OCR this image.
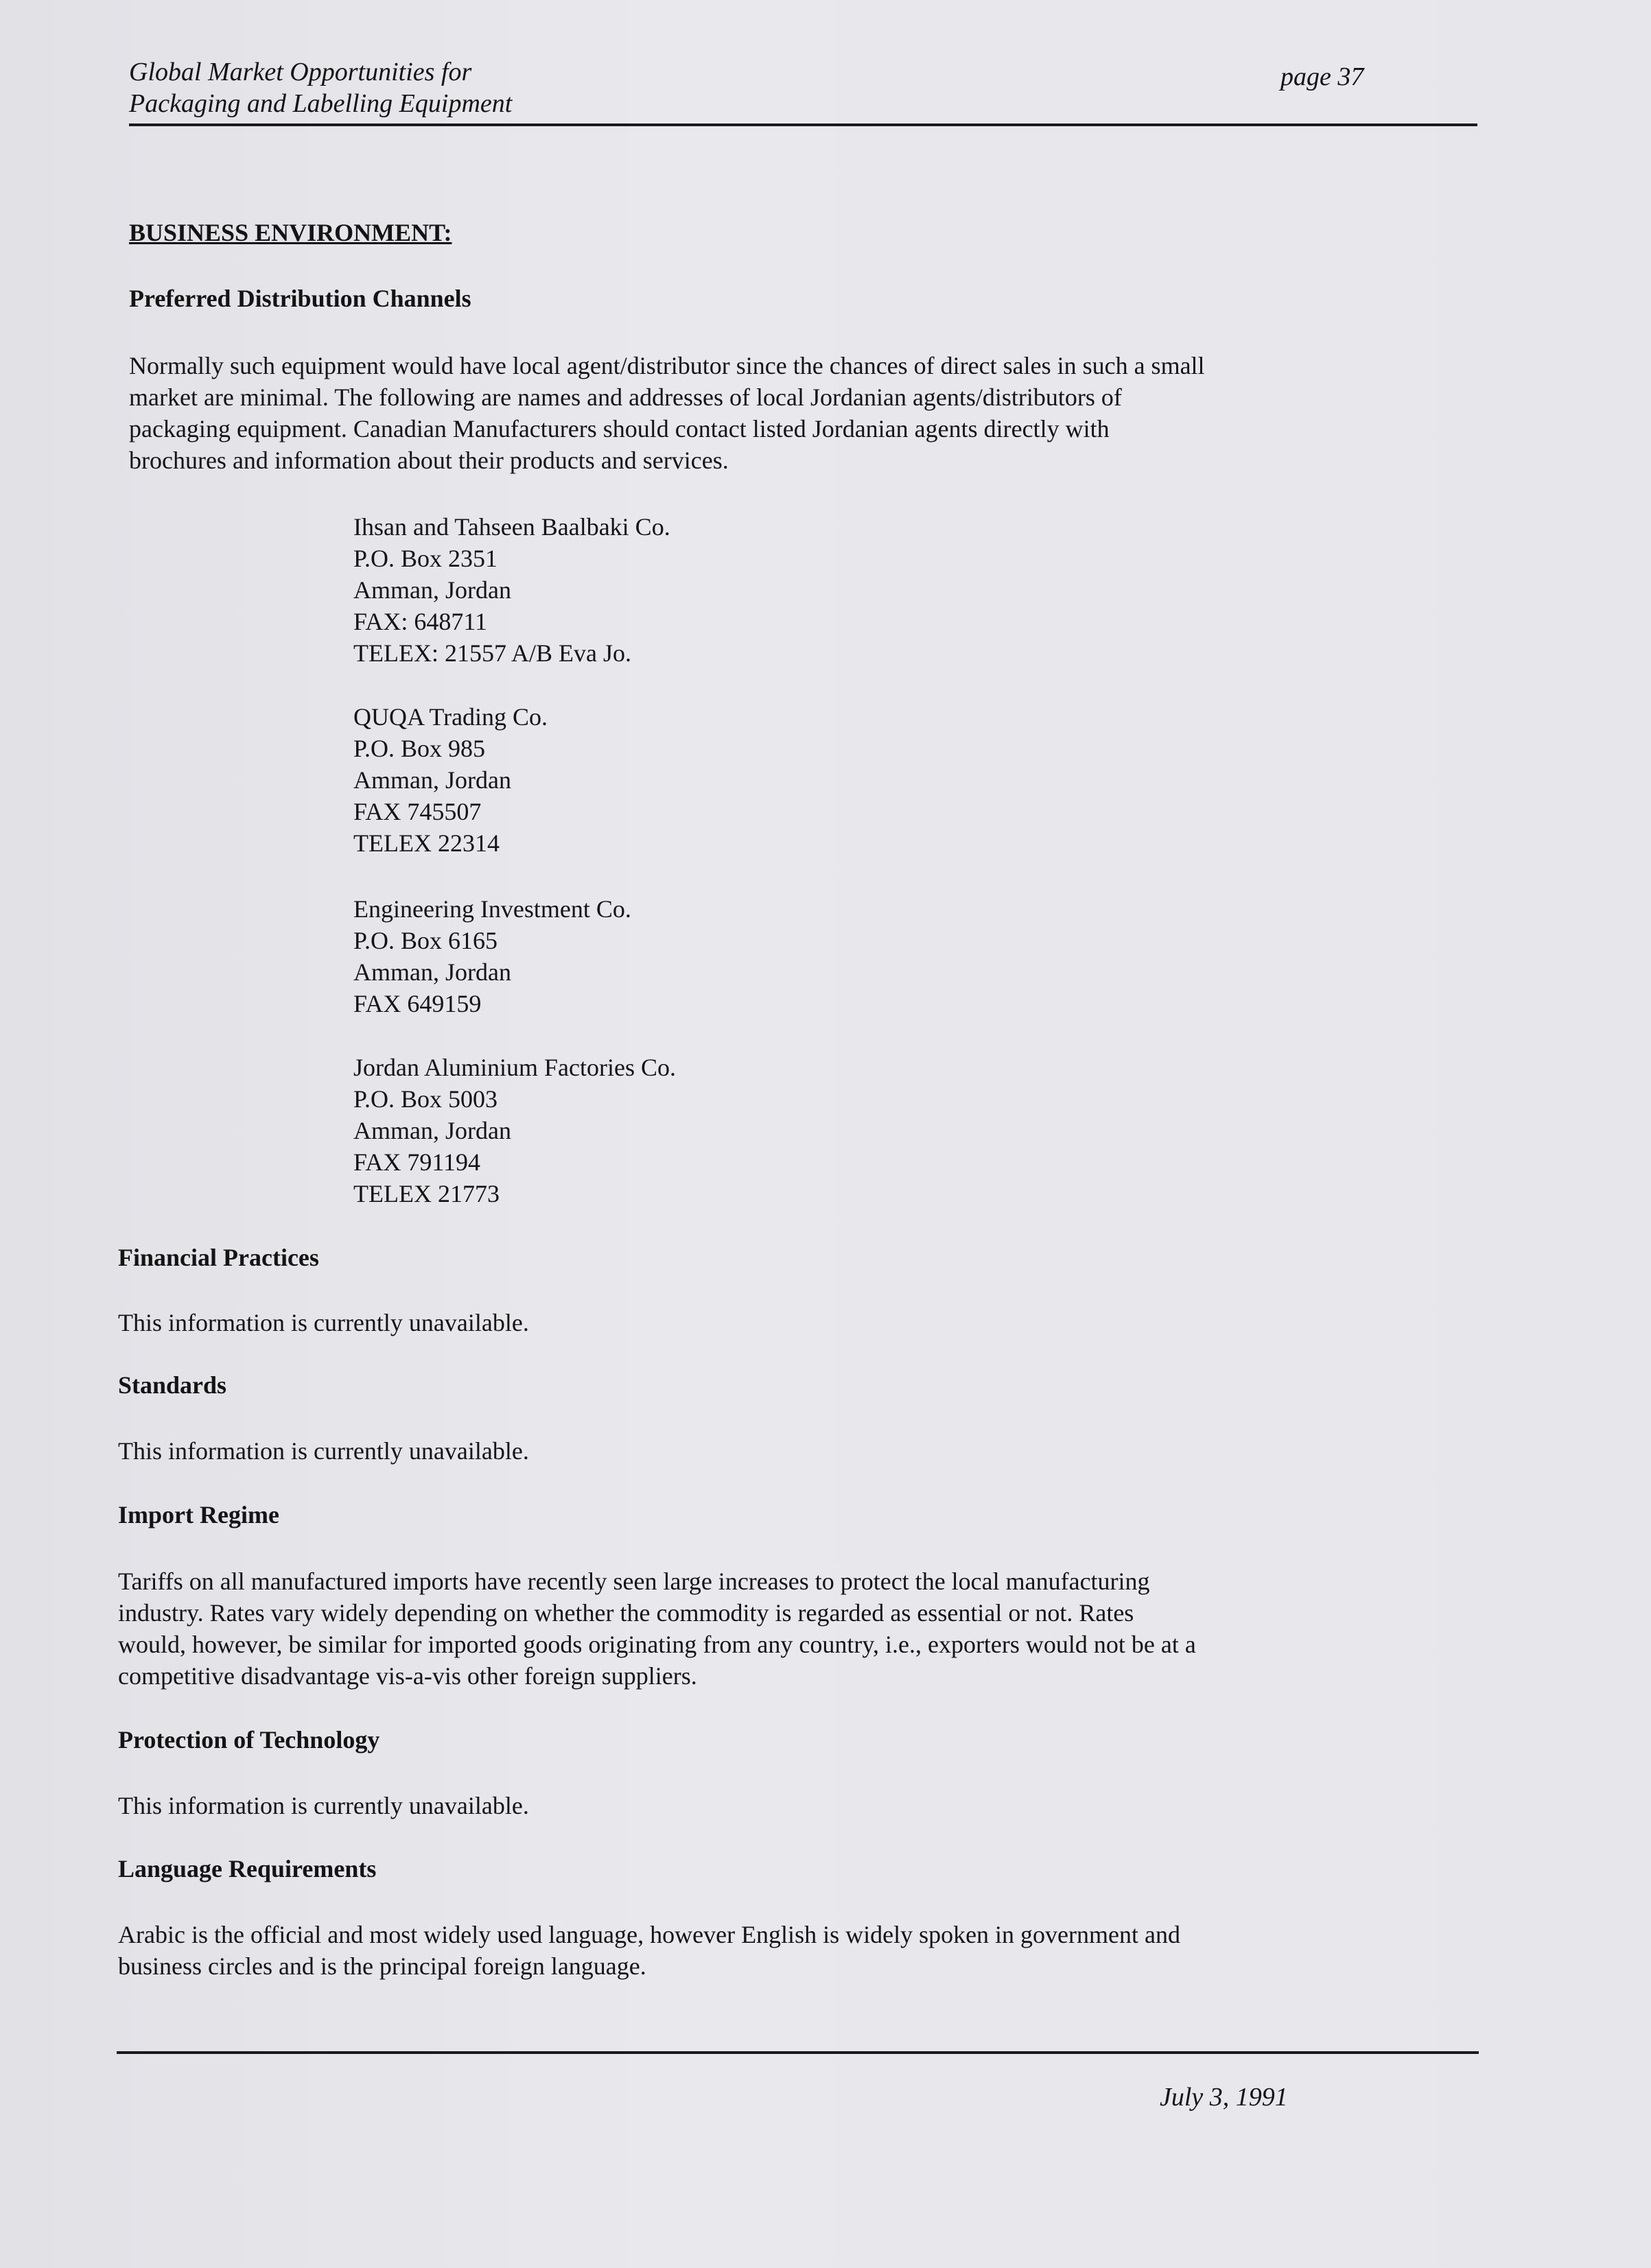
Global Market Opportunities for
Packaging and Labelling Equipment
page 37
BUSINESS ENVIRONMENT:
Preferred Distribution Channels
Normally such equipment would have local agent/distributor since the chances of direct sales in such a small
market are minimal. The following are names and addresses of local Jordanian agents/distributors of
packaging equipment. Canadian Manufacturers should contact listed Jordanian agents directly with
brochures and information about their products and services.
Ihsan and Tahseen Baalbaki Co.
P.O. Box 2351
Amman, Jordan
FAX: 648711
TELEX: 21557 A/B Eva Jo.
QUQA Trading Co.
P.O. Box 985
Amman, Jordan
FAX 745507
TELEX 22314
Engineering Investment Co.
P.O. Box 6165
Amman, Jordan
FAX 649159
Jordan Aluminium Factories Co.
P.O. Box 5003
Amman, Jordan
FAX 791194
TELEX 21773
Financial Practices
This information is currently unavailable.
Standards
This information is currently unavailable.
Import Regime
Tariffs on all manufactured imports have recently seen large increases to protect the local manufacturing
industry. Rates vary widely depending on whether the commodity is regarded as essential or not. Rates
would, however, be similar for imported goods originating from any country, i.e., exporters would not be at a
competitive disadvantage vis-a-vis other foreign suppliers.
Protection of Technology
This information is currently unavailable.
Language Requirements
Arabic is the official and most widely used language, however English is widely spoken in government and
business circles and is the principal foreign language.
July 3, 1991
